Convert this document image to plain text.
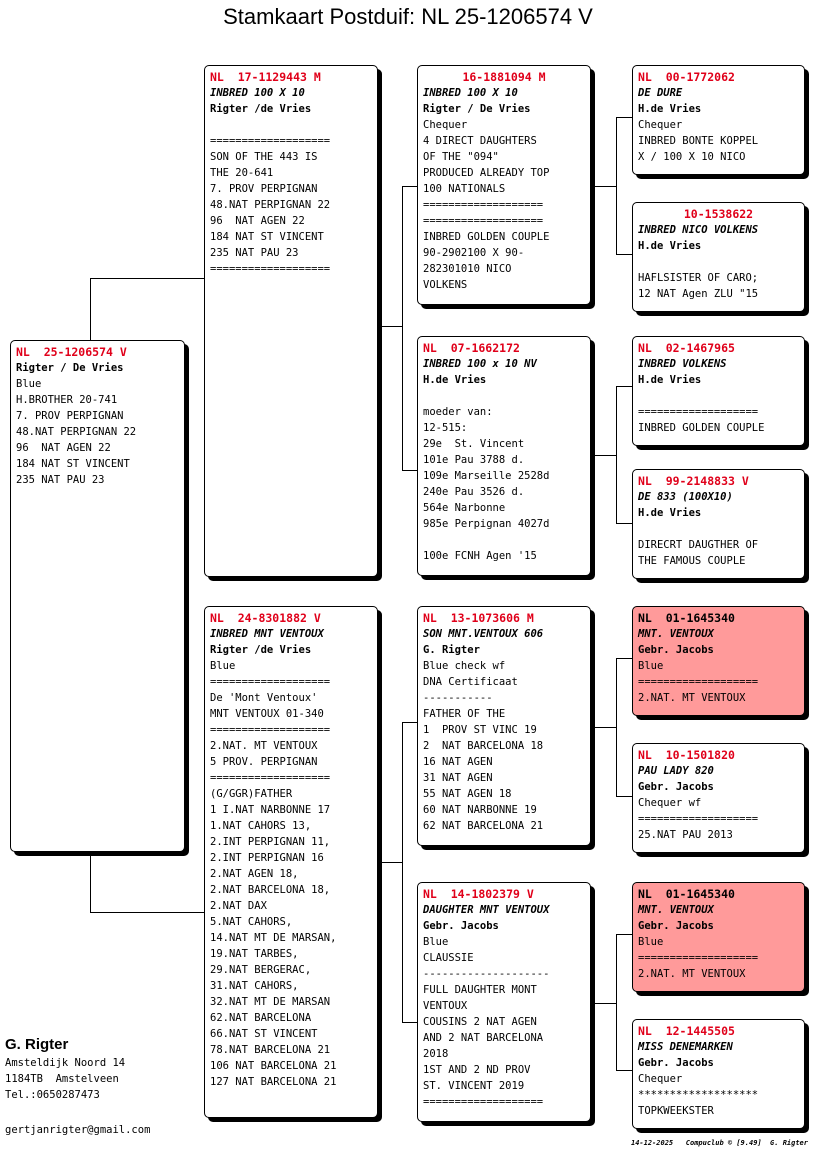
Stamkaart Postduif: NL 25-1206574 V
NL  25-1206574 V
Rigter / De Vries
Blue
H.BROTHER 20-741
7. PROV PERPIGNAN
48.NAT PERPIGNAN 22
96  NAT AGEN 22
184 NAT ST VINCENT
235 NAT PAU 23
NL  17-1129443 M
INBRED 100 X 10
Rigter /de Vries
===================
SON OF THE 443 IS
THE 20-641
7. PROV PERPIGNAN
48.NAT PERPIGNAN 22
96  NAT AGEN 22
184 NAT ST VINCENT
235 NAT PAU 23
===================
NL  24-8301882 V
INBRED MNT VENTOUX
Rigter /de Vries
Blue
===================
De 'Mont Ventoux'
MNT VENTOUX 01-340
===================
2.NAT. MT VENTOUX
5 PROV. PERPIGNAN
===================
(G/GGR)FATHER
1 I.NAT NARBONNE 17
1.NAT CAHORS 13,
2.INT PERPIGNAN 11,
2.INT PERPIGNAN 16
2.NAT AGEN 18,
2.NAT BARCELONA 18,
2.NAT DAX
5.NAT CAHORS,
14.NAT MT DE MARSAN,
19.NAT TARBES,
29.NAT BERGERAC,
31.NAT CAHORS,
32.NAT MT DE MARSAN
62.NAT BARCELONA
66.NAT ST VINCENT
78.NAT BARCELONA 21
106 NAT BARCELONA 21
127 NAT BARCELONA 21
16-1881094 M
INBRED 100 X 10
Rigter / De Vries
Chequer
4 DIRECT DAUGHTERS
OF THE "094"
PRODUCED ALREADY TOP
100 NATIONALS
===================
===================
INBRED GOLDEN COUPLE
90-2902100 X 90-
282301010 NICO
VOLKENS
NL  07-1662172
INBRED 100 x 10 NV
H.de Vries
moeder van:
12-515:
29e  St. Vincent
101e Pau 3788 d.
109e Marseille 2528d
240e Pau 3526 d.
564e Narbonne
985e Perpignan 4027d
100e FCNH Agen '15
NL  13-1073606 M
SON MNT.VENTOUX 606
G. Rigter
Blue check wf
DNA Certificaat
-----------
FATHER OF THE
1  PROV ST VINC 19
2  NAT BARCELONA 18
16 NAT AGEN
31 NAT AGEN
55 NAT AGEN 18
60 NAT NARBONNE 19
62 NAT BARCELONA 21
NL  14-1802379 V
DAUGHTER MNT VENTOUX
Gebr. Jacobs
Blue
CLAUSSIE
--------------------
FULL DAUGHTER MONT
VENTOUX
COUSINS 2 NAT AGEN
AND 2 NAT BARCELONA
2018
1ST AND 2 ND PROV
ST. VINCENT 2019
===================
NL  00-1772062
DE DURE
H.de Vries
Chequer
INBRED BONTE KOPPEL
X / 100 X 10 NICO
10-1538622
INBRED NICO VOLKENS
H.de Vries
HAFLSISTER OF CARO;
12 NAT Agen ZLU "15
NL  02-1467965
INBRED VOLKENS
H.de Vries
===================
INBRED GOLDEN COUPLE
NL  99-2148833 V
DE 833 (100X10)
H.de Vries
DIRECRT DAUGTHER OF
THE FAMOUS COUPLE
NL  01-1645340
MNT. VENTOUX
Gebr. Jacobs
Blue
===================
2.NAT. MT VENTOUX
NL  10-1501820
PAU LADY 820
Gebr. Jacobs
Chequer wf
===================
25.NAT PAU 2013
NL  01-1645340
MNT. VENTOUX
Gebr. Jacobs
Blue
===================
2.NAT. MT VENTOUX
NL  12-1445505
MISS DENEMARKEN
Gebr. Jacobs
Chequer
*******************
TOPKWEEKSTER
G. Rigter
Amsteldijk Noord 14
1184TB  Amstelveen
Tel.:0650287473
gertjanrigter@gmail.com
14-12-2025   Compuclub © [9.49]  G. Rigter
